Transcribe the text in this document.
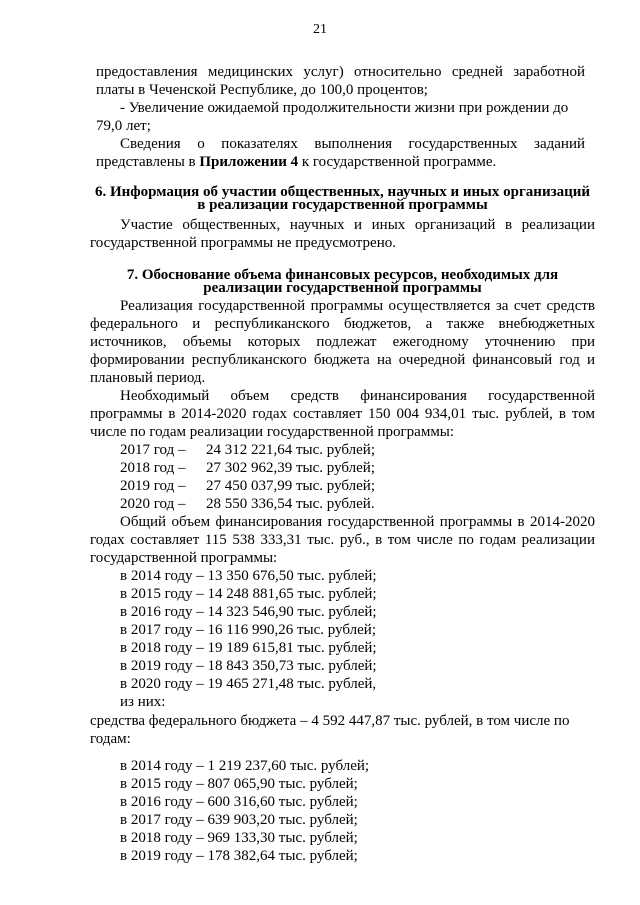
21
предоставления медицинских услуг) относительно средней заработной
платы в Чеченской Республике, до 100,0 процентов;
- Увеличение ожидаемой продолжительности жизни при рождении до
79,0 лет;
Сведения о показателях выполнения государственных заданий
представлены в Приложении 4 к государственной программе.
6. Информация об участии общественных, научных и иных организаций
в реализации государственной программы
Участие общественных, научных и иных организаций в реализации
государственной программы не предусмотрено.
7. Обоснование объема финансовых ресурсов, необходимых для
реализации государственной программы
Реализация государственной программы осуществляется за счет средств
федерального и республиканского бюджетов, а также внебюджетных
источников, объемы которых подлежат ежегодному уточнению при
формировании республиканского бюджета на очередной финансовый год и
плановый период.
Необходимый объем средств финансирования государственной
программы в 2014-2020 годах составляет 150 004 934,01 тыс. рублей, в том
числе по годам реализации государственной программы:
2017 год – 24 312 221,64 тыс. рублей;
2018 год – 27 302 962,39 тыс. рублей;
2019 год – 27 450 037,99 тыс. рублей;
2020 год – 28 550 336,54 тыс. рублей.
Общий объем финансирования государственной программы в 2014-2020
годах составляет 115 538 333,31 тыс. руб., в том числе по годам реализации
государственной программы:
в 2014 году – 13 350 676,50 тыс. рублей;
в 2015 году – 14 248 881,65 тыс. рублей;
в 2016 году – 14 323 546,90 тыс. рублей;
в 2017 году – 16 116 990,26 тыс. рублей;
в 2018 году – 19 189 615,81 тыс. рублей;
в 2019 году – 18 843 350,73 тыс. рублей;
в 2020 году – 19 465 271,48 тыс. рублей,
из них:
средства федерального бюджета – 4 592 447,87 тыс. рублей, в том числе по
годам:
в 2014 году – 1 219 237,60 тыс. рублей;
в 2015 году – 807 065,90 тыс. рублей;
в 2016 году – 600 316,60 тыс. рублей;
в 2017 году – 639 903,20 тыс. рублей;
в 2018 году – 969 133,30 тыс. рублей;
в 2019 году – 178 382,64 тыс. рублей;
